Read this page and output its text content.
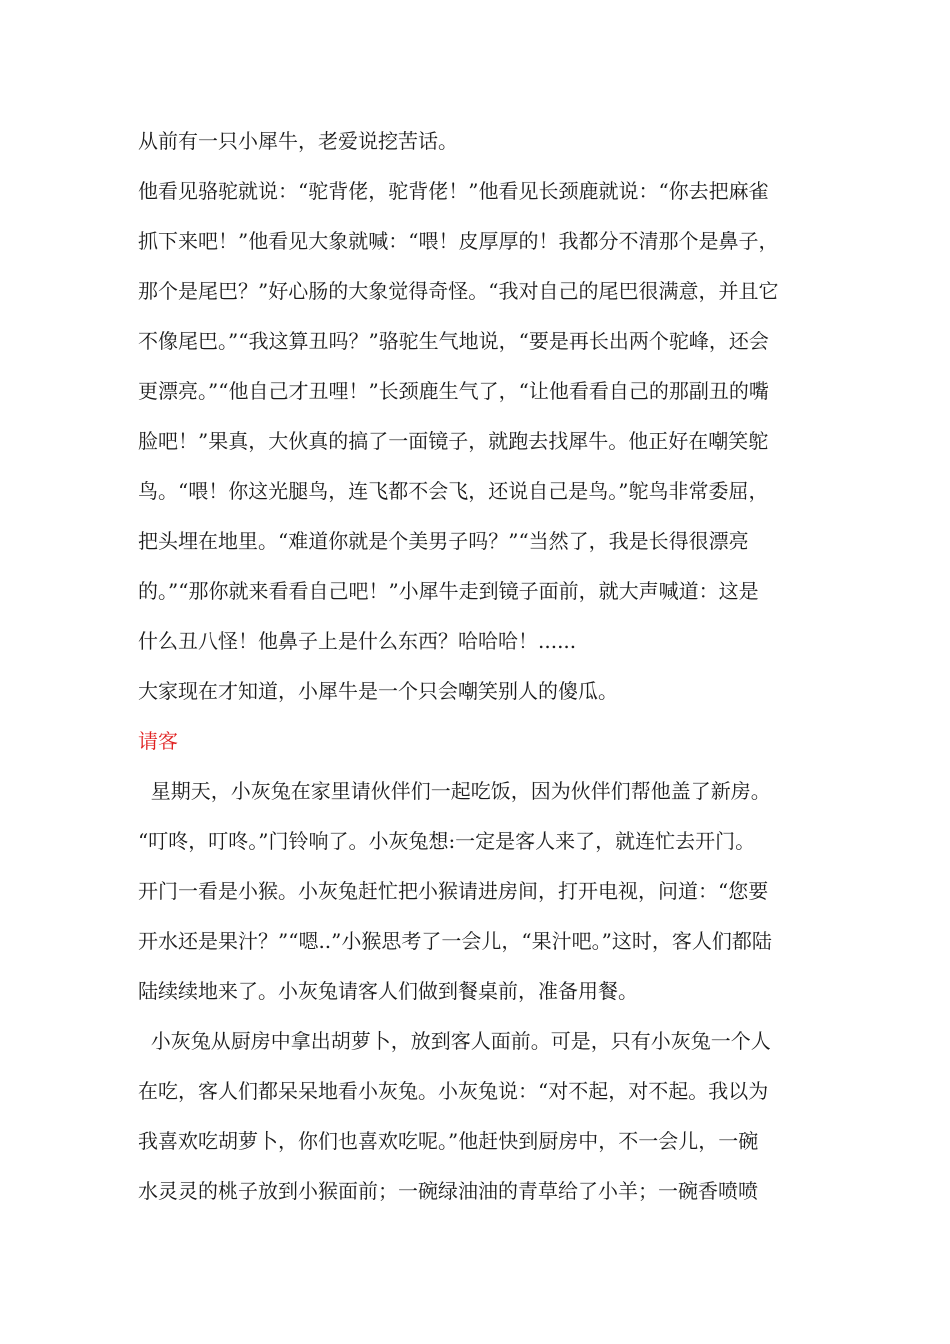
从前有一只小犀牛，老爱说挖苦话。
他看见骆驼就说：“驼背佬，驼背佬！”他看见长颈鹿就说：“你去把麻雀
抓下来吧！”他看见大象就喊：“喂！皮厚厚的！我都分不清那个是鼻子，
那个是尾巴？”好心肠的大象觉得奇怪。“我对自己的尾巴很满意，并且它
不像尾巴。”“我这算丑吗？”骆驼生气地说，“要是再长出两个驼峰，还会
更漂亮。”“他自己才丑哩！”长颈鹿生气了，“让他看看自己的那副丑的嘴
脸吧！”果真，大伙真的搞了一面镜子，就跑去找犀牛。他正好在嘲笑鸵
鸟。“喂！你这光腿鸟，连飞都不会飞，还说自己是鸟。”鸵鸟非常委屈，
把头埋在地里。“难道你就是个美男子吗？”“当然了，我是长得很漂亮
的。”“那你就来看看自己吧！”小犀牛走到镜子面前，就大声喊道：这是
什么丑八怪！他鼻子上是什么东西？哈哈哈！......
大家现在才知道，小犀牛是一个只会嘲笑别人的傻瓜。
请客
星期天，小灰兔在家里请伙伴们一起吃饭，因为伙伴们帮他盖了新房。
“叮咚，叮咚。”门铃响了。小灰兔想:一定是客人来了，就连忙去开门。
开门一看是小猴。小灰兔赶忙把小猴请进房间，打开电视，问道：“您要
开水还是果汁？”“嗯..”小猴思考了一会儿，“果汁吧。”这时，客人们都陆
陆续续地来了。小灰兔请客人们做到餐桌前，准备用餐。
小灰兔从厨房中拿出胡萝卜，放到客人面前。可是，只有小灰兔一个人
在吃，客人们都呆呆地看小灰兔。小灰兔说：“对不起，对不起。我以为
我喜欢吃胡萝卜，你们也喜欢吃呢。”他赶快到厨房中，不一会儿，一碗
水灵灵的桃子放到小猴面前；一碗绿油油的青草给了小羊；一碗香喷喷
